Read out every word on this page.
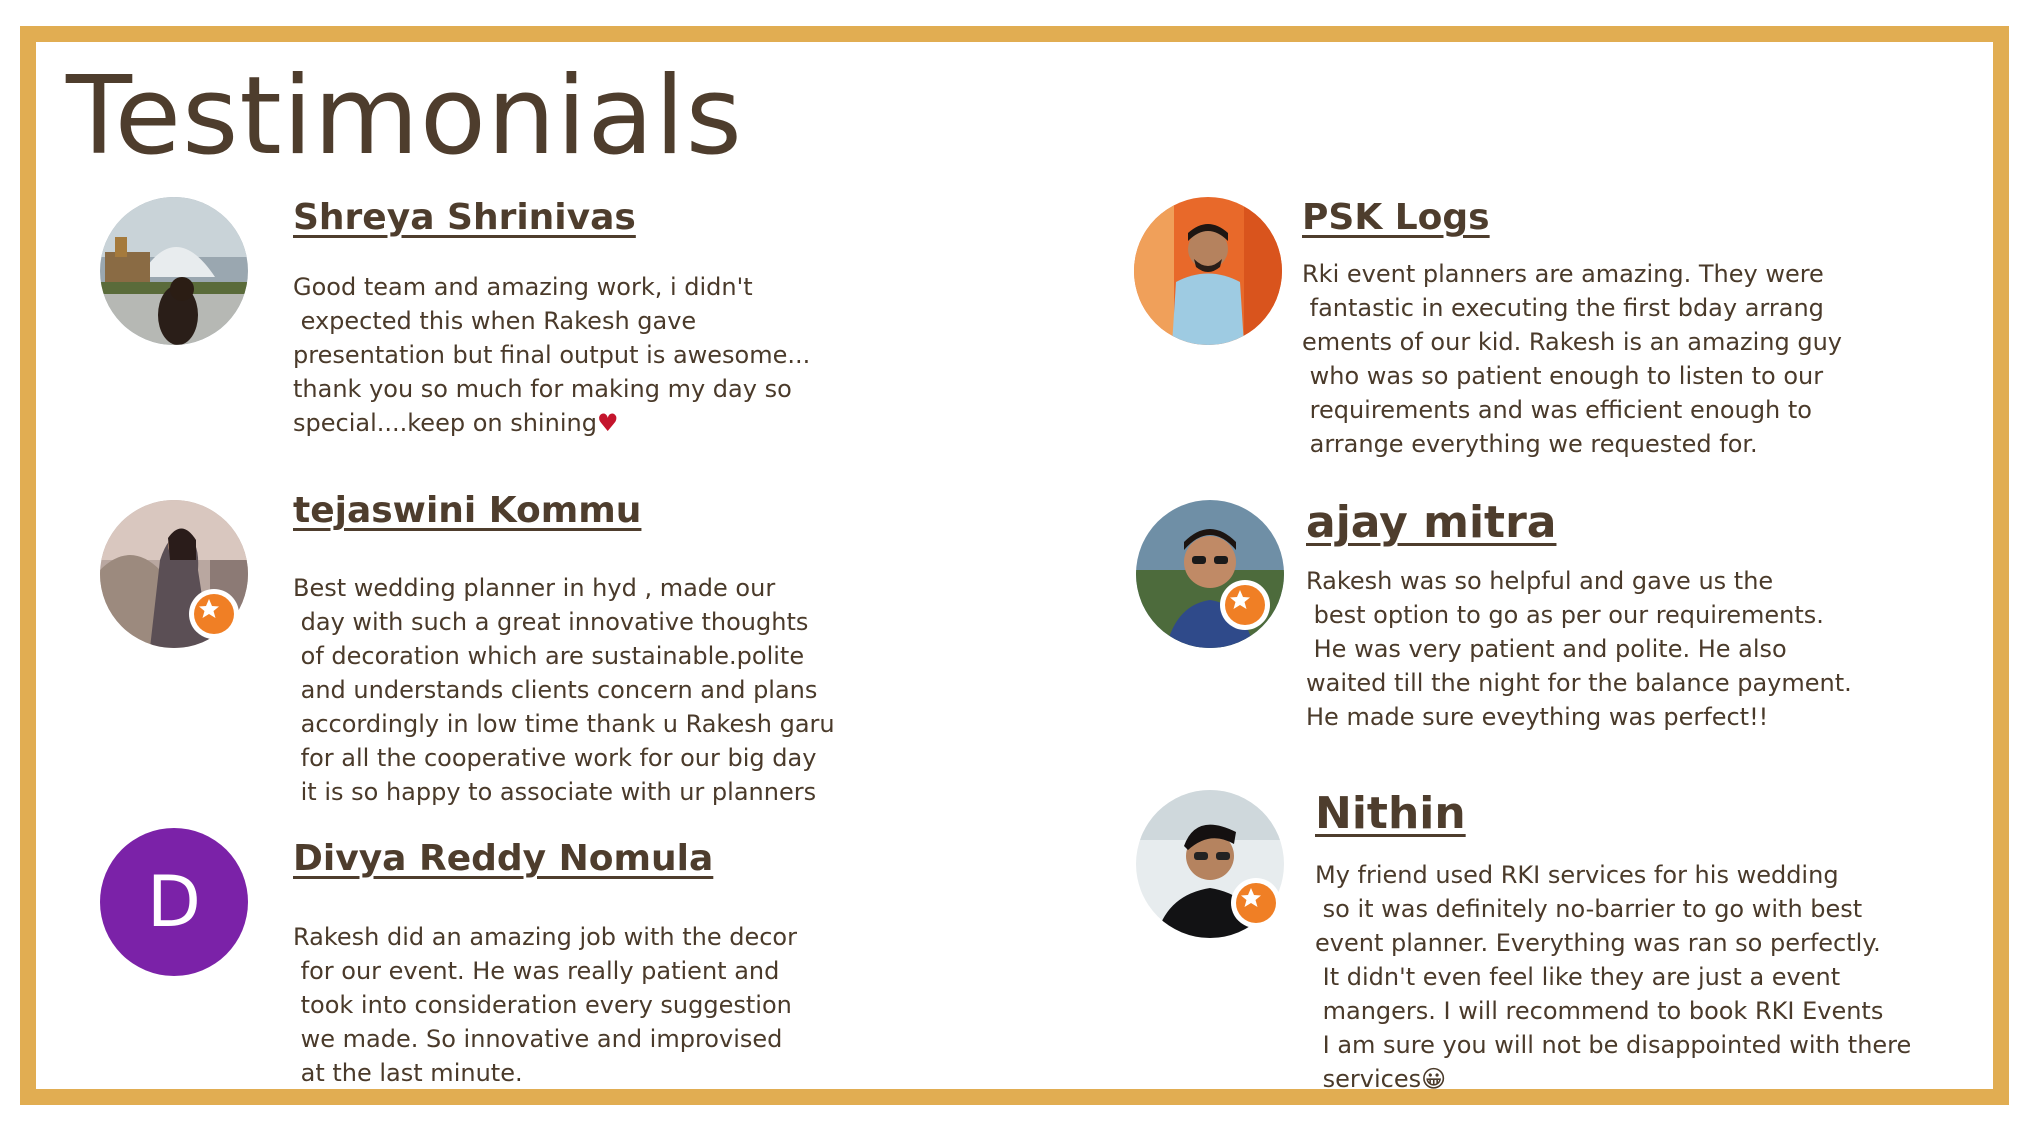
Testimonials
Shreya Shrinivas

Good team and amazing work, i didn't
expected this when Rakesh gave
presentation but final output is awesome...
thank you so much for making my day so
special....keep on shining♥

tejaswini Kommu

Best wedding planner in hyd , made our
day with such a great innovative thoughts
of decoration which are sustainable.polite
and understands clients concern and plans
accordingly in low time thank u Rakesh garu
for all the cooperative work for our big day
it is so happy to associate with ur planners

D
Divya Reddy Nomula

Rakesh did an amazing job with the decor
for our event. He was really patient and
took into consideration every suggestion
we made. So innovative and improvised
at the last minute.

PSK Logs

Rki event planners are amazing. They were
fantastic in executing the first bday arrang
ements of our kid. Rakesh is an amazing guy
who was so patient enough to listen to our
requirements and was efficient enough to
arrange everything we requested for.

ajay mitra

Rakesh was so helpful and gave us the
best option to go as per our requirements.
He was very patient and polite. He also
waited till the night for the balance payment.
He made sure eveything was perfect!!

Nithin

My friend used RKI services for his wedding
so it was definitely no-barrier to go with best
event planner. Everything was ran so perfectly.
It didn't even feel like they are just a event
mangers. I will recommend to book RKI Events
I am sure you will not be disappointed with there
services😀
